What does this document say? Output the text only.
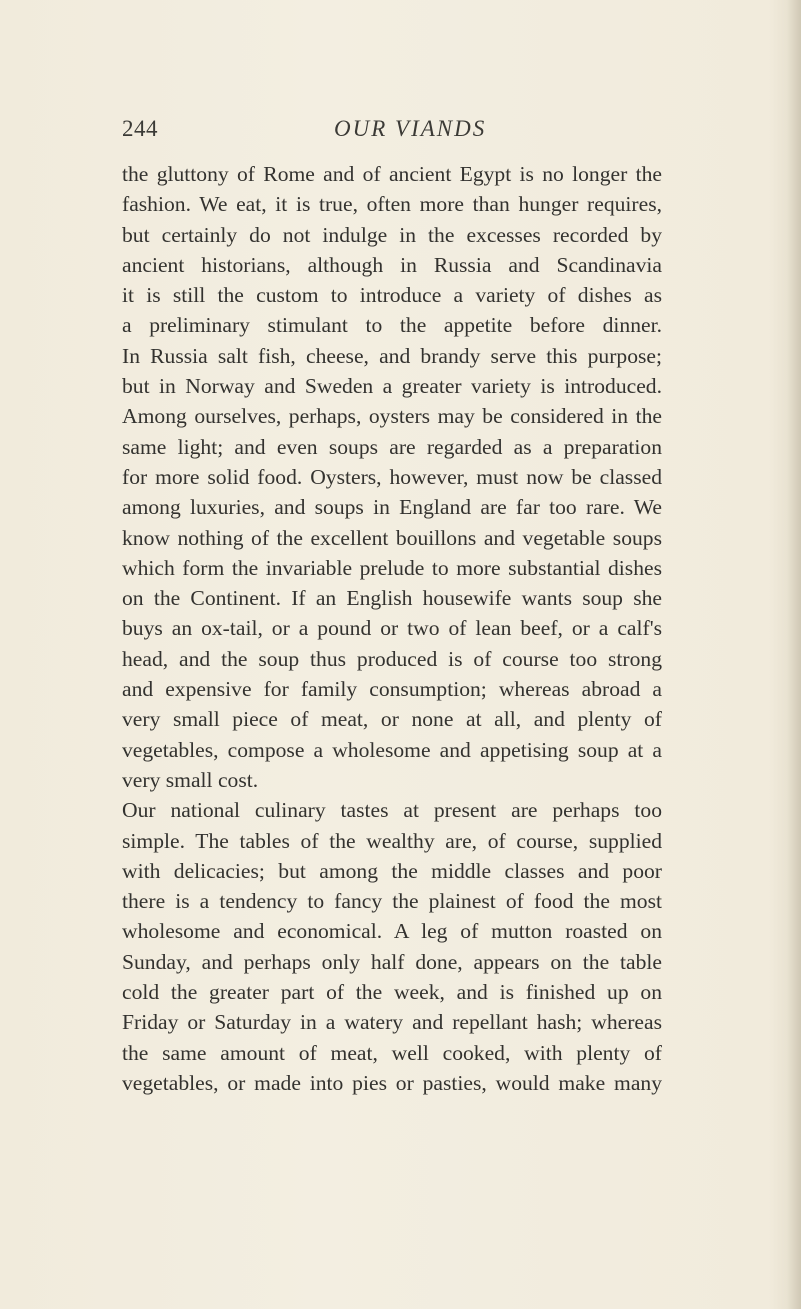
244	OUR VIANDS
the gluttony of Rome and of ancient Egypt is no longer the
fashion. We eat, it is true, often more than hunger requires,
but certainly do not indulge in the excesses recorded by
ancient historians, although in Russia and Scandinavia
it is still the custom to introduce a variety of dishes as
a preliminary stimulant to the appetite before dinner.
In Russia salt fish, cheese, and brandy serve this purpose;
but in Norway and Sweden a greater variety is introduced.
Among ourselves, perhaps, oysters may be considered in the
same light; and even soups are regarded as a preparation
for more solid food. Oysters, however, must now be classed
among luxuries, and soups in England are far too rare. We
know nothing of the excellent bouillons and vegetable soups
which form the invariable prelude to more substantial dishes
on the Continent. If an English housewife wants soup she
buys an ox-tail, or a pound or two of lean beef, or a calf's
head, and the soup thus produced is of course too strong
and expensive for family consumption; whereas abroad a
very small piece of meat, or none at all, and plenty of
vegetables, compose a wholesome and appetising soup at a
very small cost.
Our national culinary tastes at present are perhaps too
simple. The tables of the wealthy are, of course, supplied
with delicacies; but among the middle classes and poor
there is a tendency to fancy the plainest of food the most
wholesome and economical. A leg of mutton roasted on
Sunday, and perhaps only half done, appears on the table
cold the greater part of the week, and is finished up on
Friday or Saturday in a watery and repellant hash; whereas
the same amount of meat, well cooked, with plenty of
vegetables, or made into pies or pasties, would make many
